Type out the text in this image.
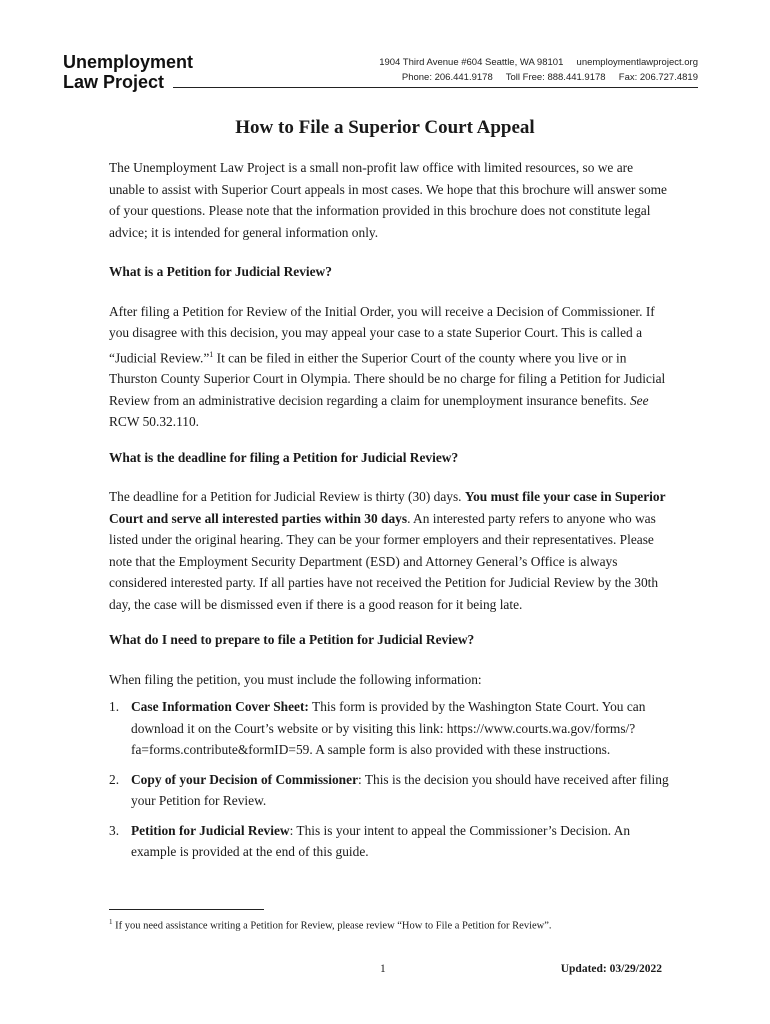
Unemployment
Law Project
1904 Third Avenue #604 Seattle, WA 98101     unemploymentlawproject.org
Phone: 206.441.9178     Toll Free: 888.441.9178     Fax: 206.727.4819
How to File a Superior Court Appeal

The Unemployment Law Project is a small non-profit law office with limited resources, so we are unable to assist with Superior Court appeals in most cases. We hope that this brochure will answer some of your questions. Please note that the information provided in this brochure does not constitute legal advice; it is intended for general information only.

What is a Petition for Judicial Review?

After filing a Petition for Review of the Initial Order, you will receive a Decision of Commissioner. If you disagree with this decision, you may appeal your case to a state Superior Court. This is called a “Judicial Review.”$^1$ It can be filed in either the Superior Court of the county where you live or in Thurston County Superior Court in Olympia. There should be no charge for filing a Petition for Judicial Review from an administrative decision regarding a claim for unemployment insurance benefits. See RCW 50.32.110.

What is the deadline for filing a Petition for Judicial Review?

The deadline for a Petition for Judicial Review is thirty (30) days. You must file your case in Superior Court and serve all interested parties within 30 days. An interested party refers to anyone who was listed under the original hearing. They can be your former employers and their representatives. Please note that the Employment Security Department (ESD) and Attorney General’s Office is always considered interested party. If all parties have not received the Petition for Judicial Review by the 30th day, the case will be dismissed even if there is a good reason for it being late.

What do I need to prepare to file a Petition for Judicial Review?

When filing the petition, you must include the following information:

1. Case Information Cover Sheet: This form is provided by the Washington State Court. You can download it on the Court’s website or by visiting this link: https://www.courts.wa.gov/forms/?fa=forms.contribute&formID=59. A sample form is also provided with these instructions.
2. Copy of your Decision of Commissioner: This is the decision you should have received after filing your Petition for Review.
3. Petition for Judicial Review: This is your intent to appeal the Commissioner’s Decision. An example is provided at the end of this guide.
$^1$ If you need assistance writing a Petition for Review, please review “How to File a Petition for Review”.
1	Updated: 03/29/2022
